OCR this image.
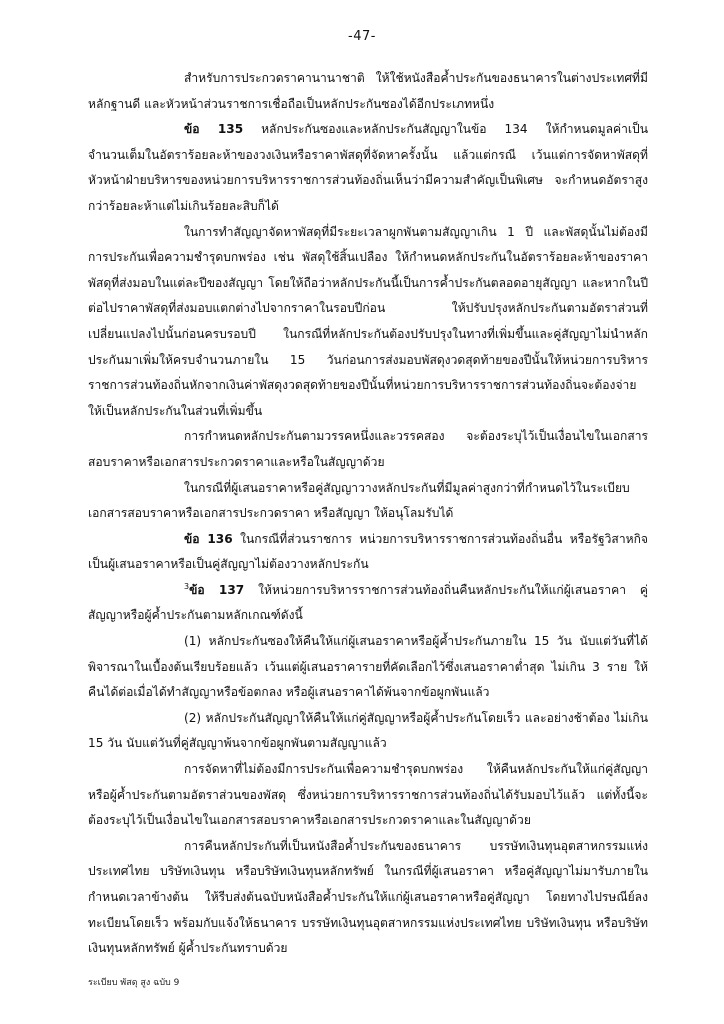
-47-

สำหรับการประกวดราคานานาชาติ ให้ใช้หนังสือค้ำประกันของธนาคารในต่างประเทศที่มีหลักฐานดี และหัวหน้าส่วนราชการเชื่อถือเป็นหลักประกันซองได้อีกประเภทหนึ่ง

ข้อ 135 หลักประกันซองและหลักประกันสัญญาในข้อ 134 ให้กำหนดมูลค่าเป็นจำนวนเต็มในอัตราร้อยละห้าของวงเงินหรือราคาพัสดุที่จัดหาครั้งนั้น แล้วแต่กรณี เว้นแต่การจัดหาพัสดุที่หัวหน้าฝ่ายบริหารของหน่วยการบริหารราชการส่วนท้องถิ่นเห็นว่ามีความสำคัญเป็นพิเศษ จะกำหนดอัตราสูงกว่าร้อยละห้าแต่ไม่เกินร้อยละสิบก็ได้

ในการทำสัญญาจัดหาพัสดุที่มีระยะเวลาผูกพันตามสัญญาเกิน 1 ปี และพัสดุนั้นไม่ต้องมีการประกันเพื่อความชำรุดบกพร่อง เช่น พัสดุใช้สิ้นเปลือง ให้กำหนดหลักประกันในอัตราร้อยละห้าของราคาพัสดุที่ส่งมอบในแต่ละปีของสัญญา โดยให้ถือว่าหลักประกันนี้เป็นการค้ำประกันตลอดอายุสัญญา และหากในปีต่อไปราคาพัสดุที่ส่งมอบแตกต่างไปจากราคาในรอบปีก่อน ให้ปรับปรุงหลักประกันตามอัตราส่วนที่เปลี่ยนแปลงไปนั้นก่อนครบรอบปี ในกรณีที่หลักประกันต้องปรับปรุงในทางที่เพิ่มขึ้นและคู่สัญญาไม่นำหลักประกันมาเพิ่มให้ครบจำนวนภายใน 15 วันก่อนการส่งมอบพัสดุงวดสุดท้ายของปีนั้นให้หน่วยการบริหารราชการส่วนท้องถิ่นหักจากเงินค่าพัสดุงวดสุดท้ายของปีนั้นที่หน่วยการบริหารราชการส่วนท้องถิ่นจะต้องจ่ายให้เป็นหลักประกันในส่วนที่เพิ่มขึ้น

การกำหนดหลักประกันตามวรรคหนึ่งและวรรคสอง จะต้องระบุไว้เป็นเงื่อนไขในเอกสารสอบราคาหรือเอกสารประกวดราคาและหรือในสัญญาด้วย

ในกรณีที่ผู้เสนอราคาหรือคู่สัญญาวางหลักประกันที่มีมูลค่าสูงกว่าที่กำหนดไว้ในระเบียบเอกสารสอบราคาหรือเอกสารประกวดราคา หรือสัญญา ให้อนุโลมรับได้

ข้อ 136 ในกรณีที่ส่วนราชการ หน่วยการบริหารราชการส่วนท้องถิ่นอื่น หรือรัฐวิสาหกิจเป็นผู้เสนอราคาหรือเป็นคู่สัญญาไม่ต้องวางหลักประกัน

$^3$ข้อ 137 ให้หน่วยการบริหารราชการส่วนท้องถิ่นคืนหลักประกันให้แก่ผู้เสนอราคา คู่สัญญาหรือผู้ค้ำประกันตามหลักเกณฑ์ดังนี้

(1) หลักประกันซองให้คืนให้แก่ผู้เสนอราคาหรือผู้ค้ำประกันภายใน 15 วัน นับแต่วันที่ได้พิจารณาในเบื้องต้นเรียบร้อยแล้ว เว้นแต่ผู้เสนอราคารายที่คัดเลือกไว้ซึ่งเสนอราคาต่ำสุด ไม่เกิน 3 ราย ให้คืนได้ต่อเมื่อได้ทำสัญญาหรือข้อตกลง หรือผู้เสนอราคาได้พ้นจากข้อผูกพันแล้ว

(2) หลักประกันสัญญาให้คืนให้แก่คู่สัญญาหรือผู้ค้ำประกันโดยเร็ว และอย่างช้าต้อง ไม่เกิน 15 วัน นับแต่วันที่คู่สัญญาพ้นจากข้อผูกพันตามสัญญาแล้ว

การจัดหาที่ไม่ต้องมีการประกันเพื่อความชำรุดบกพร่อง ให้คืนหลักประกันให้แก่คู่สัญญาหรือผู้ค้ำประกันตามอัตราส่วนของพัสดุ ซึ่งหน่วยการบริหารราชการส่วนท้องถิ่นได้รับมอบไว้แล้ว แต่ทั้งนี้จะต้องระบุไว้เป็นเงื่อนไขในเอกสารสอบราคาหรือเอกสารประกวดราคาและในสัญญาด้วย

การคืนหลักประกันที่เป็นหนังสือค้ำประกันของธนาคาร บรรษัทเงินทุนอุตสาหกรรมแห่งประเทศไทย บริษัทเงินทุน หรือบริษัทเงินทุนหลักทรัพย์ ในกรณีที่ผู้เสนอราคา หรือคู่สัญญาไม่มารับภายในกำหนดเวลาข้างต้น ให้รีบส่งต้นฉบับหนังสือค้ำประกันให้แก่ผู้เสนอราคาหรือคู่สัญญา โดยทางไปรษณีย์ลงทะเบียนโดยเร็ว พร้อมกับแจ้งให้ธนาคาร บรรษัทเงินทุนอุตสาหกรรมแห่งประเทศไทย บริษัทเงินทุน หรือบริษัทเงินทุนหลักทรัพย์ ผู้ค้ำประกันทราบด้วย

ระเบียบ พัสดุ สูง ฉบับ 9
